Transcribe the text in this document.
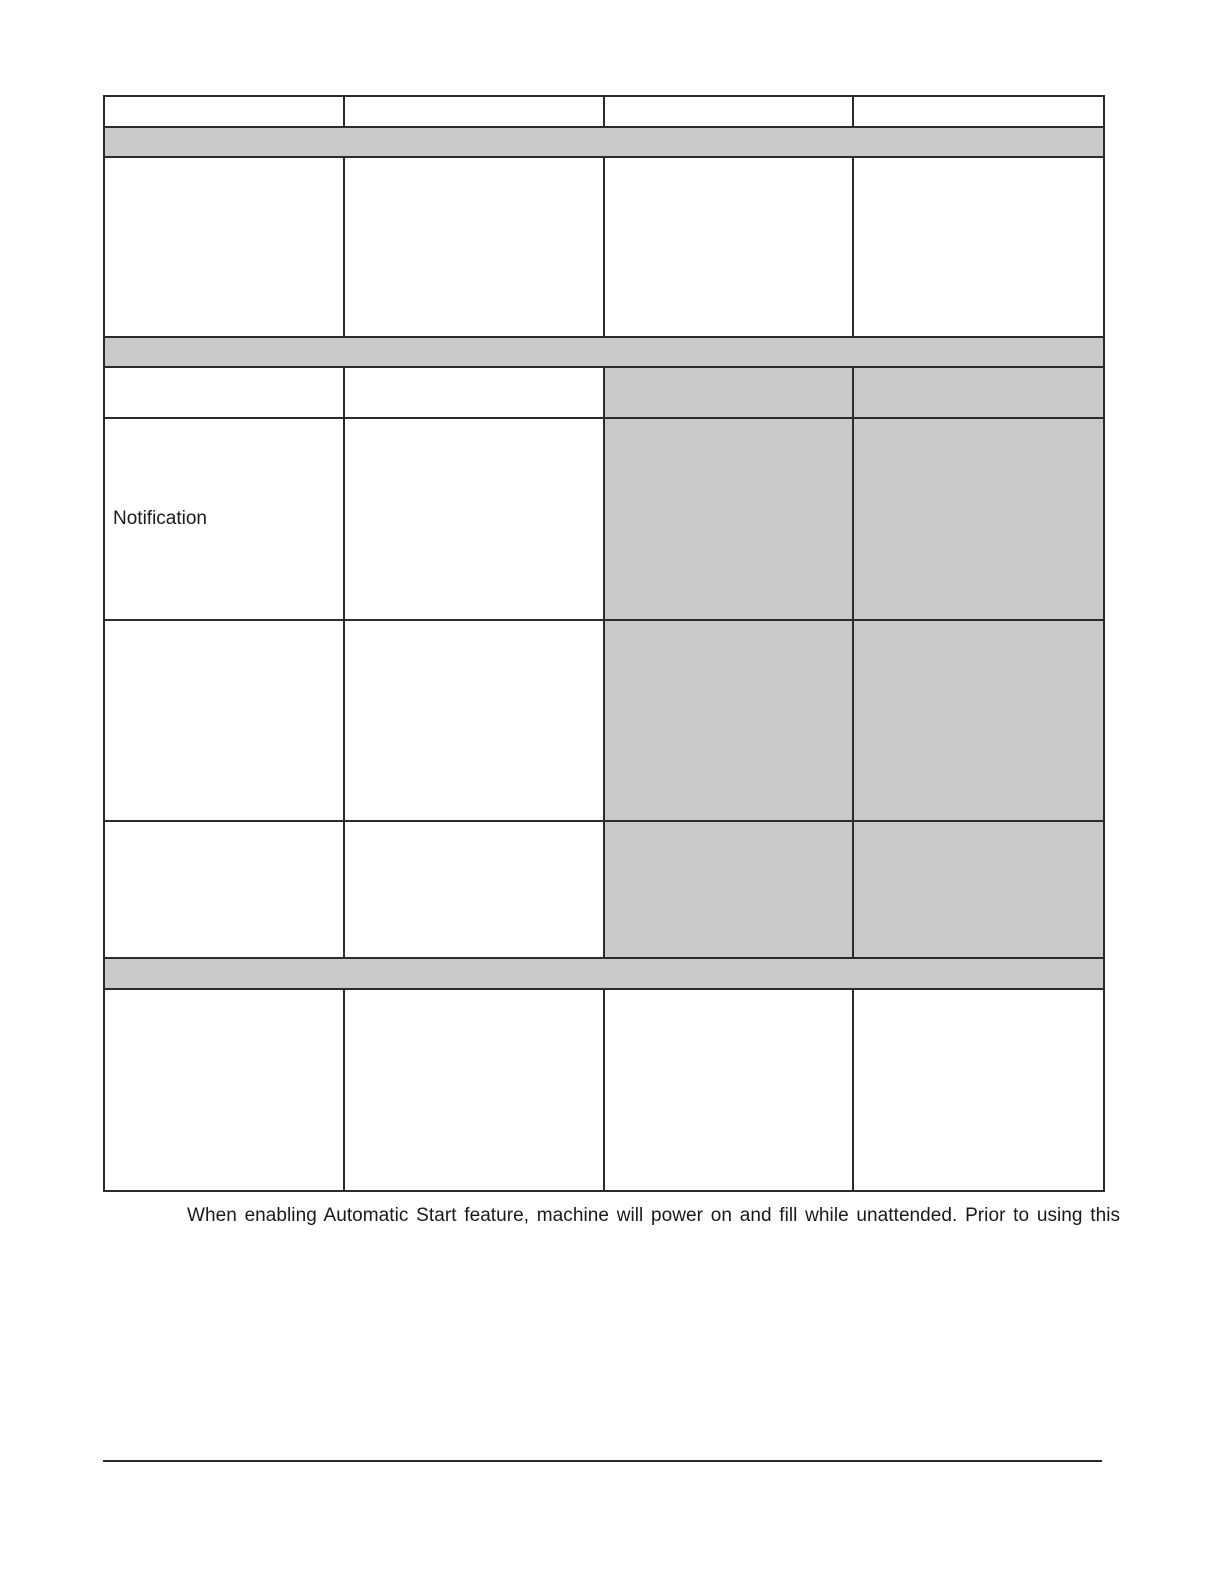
Notification			

When enabling Automatic Start feature, machine will power on and fill while unattended. Prior to using this
